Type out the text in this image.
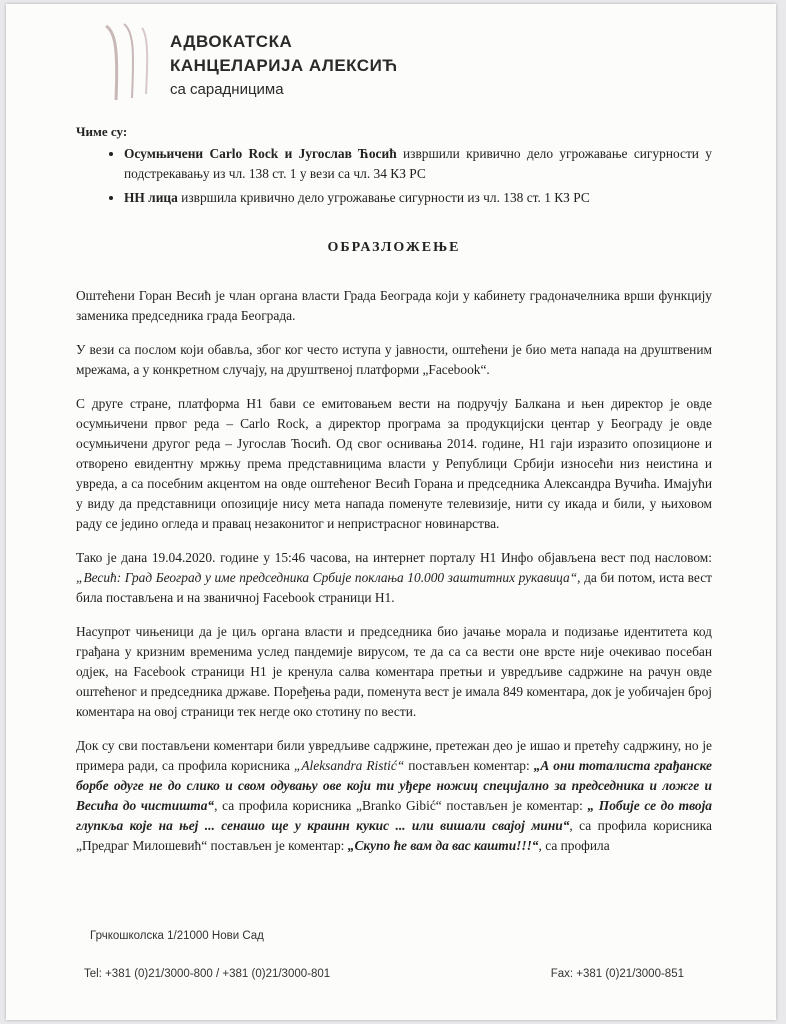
АДВОКАТСКА
КАНЦЕЛАРИЈА АЛЕКСИЋ
са сарадницима
Чиме су:
• Осумњичени Carlo Rock и Југослав Ћосић извршили кривично дело угрожавање сигурности у подстрекавању из чл. 138 ст. 1 у вези са чл. 34 КЗ РС
• НН лица извршила кривично дело угрожавање сигурности из чл. 138 ст. 1 КЗ РС
ОБРАЗЛОЖЕЊЕ

Оштећени Горан Весић је члан органа власти Града Београда који у кабинету градоначелника врши функцију заменика председника града Београда.

У вези са послом који обавља, због ког често иступа у јавности, оштећени је био мета напада на друштвеним мрежама, а у конкретном случају, на друштвеној платформи „Facebook“.

С друге стране, платформа Н1 бави се емитовањем вести на подручју Балкана и њен директор је овде осумњичени првог реда – Carlo Rock, а директор програма за продукцијски центар у Београду је овде осумњичени другог реда – Југослав Ћосић. Од свог оснивања 2014. године, Н1 гаји изразито опозиционе и отворено евидентну мржњу према представницима власти у Републици Србији износећи низ неистина и увреда, а са посебним акцентом на овде оштећеног Весић Горана и председника Александра Вучића. Имајући у виду да представници опозиције нису мета напада поменуте телевизије, нити су икада и били, у њиховом раду се једино огледа и правац незаконитог и непристрасног новинарства.

Тако је дана 19.04.2020. године у 15:46 часова, на интернет порталу Н1 Инфо објављена вест под насловом: „Весић: Град Београд у име председника Србије поклања 10.000 заштитних рукавица“, да би потом, иста вест била постављена и на званичној Facebook страници Н1.

Насупрот чињеници да је циљ органа власти и председника био јачање морала и подизање идентитета код грађана у кризним временима услед пандемије вирусом, те да са са вести оне врсте није очекивао посебан одјек, на Facebook страници Н1 је кренула салва коментара претњи и увредљиве садржине на рачун овде оштећеног и председника државе. Поређења ради, поменута вест је имала 849 коментара, док је уобичајен број коментара на овој страници тек негде око стотину по вести.

Док су сви постављени коментари били увредљиве садржине, претежан део је ишао и претећу садржину, но је примера ради, са профила корисника „Aleksandra Ristić“ постављен коментар: „А они тоталиста грађанске борбе одуге не до слико и свом одувању ове који ти уђере ножиц специјално за председника и ложге и Весића до чистишта“, са профила корисника „Branko Gibić“ постављен је коментар: „ Побије се до твоја глупкља које на њеј ... сенашо ще у краинн кукис ... или вишали свајој мини“, са профила корисника „Предраг Милошевић“ постављен је коментар: „Скупо ће вам да вас кашти!!!“, са профила

Грчкошколска 1/21000 Нови Сад
Tel: +381 (0)21/3000-800 / +381 (0)21/3000-801	Fax: +381 (0)21/3000-851
